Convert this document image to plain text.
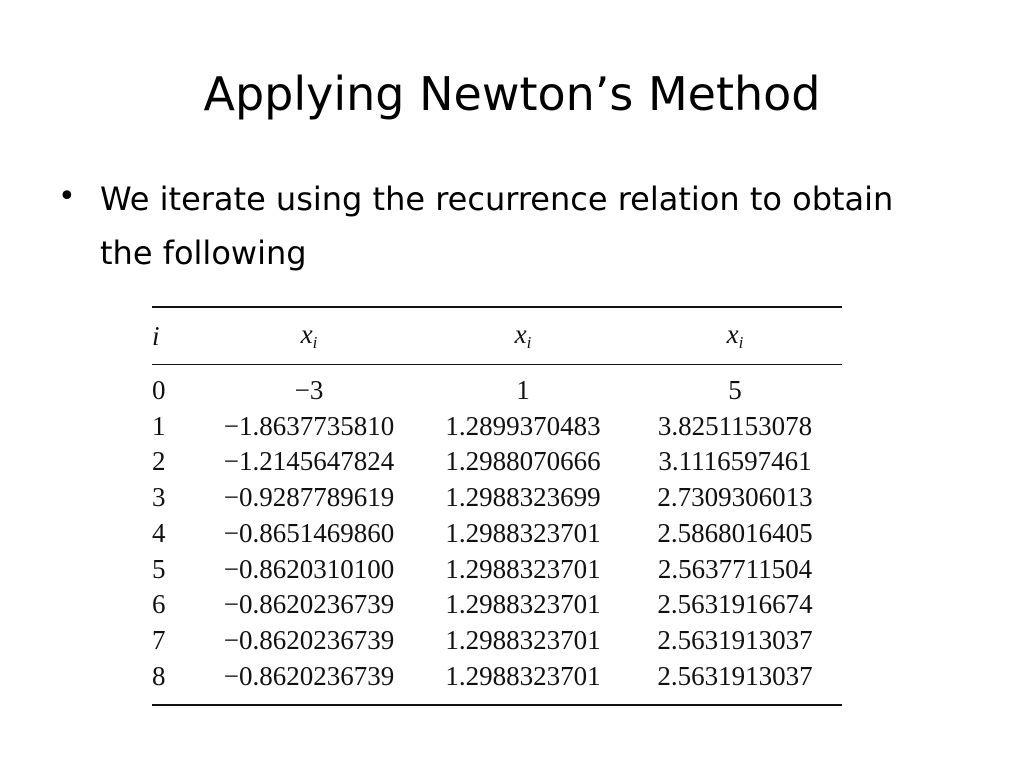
Applying Newton’s Method
• We iterate using the recurrence relation to obtain the following
i	$x_i$	$x_i$	$x_i$
0	−3	1	5
1	−1.8637735810	1.2899370483	3.8251153078
2	−1.2145647824	1.2988070666	3.1116597461
3	−0.9287789619	1.2988323699	2.7309306013
4	−0.8651469860	1.2988323701	2.5868016405
5	−0.8620310100	1.2988323701	2.5637711504
6	−0.8620236739	1.2988323701	2.5631916674
7	−0.8620236739	1.2988323701	2.5631913037
8	−0.8620236739	1.2988323701	2.5631913037
